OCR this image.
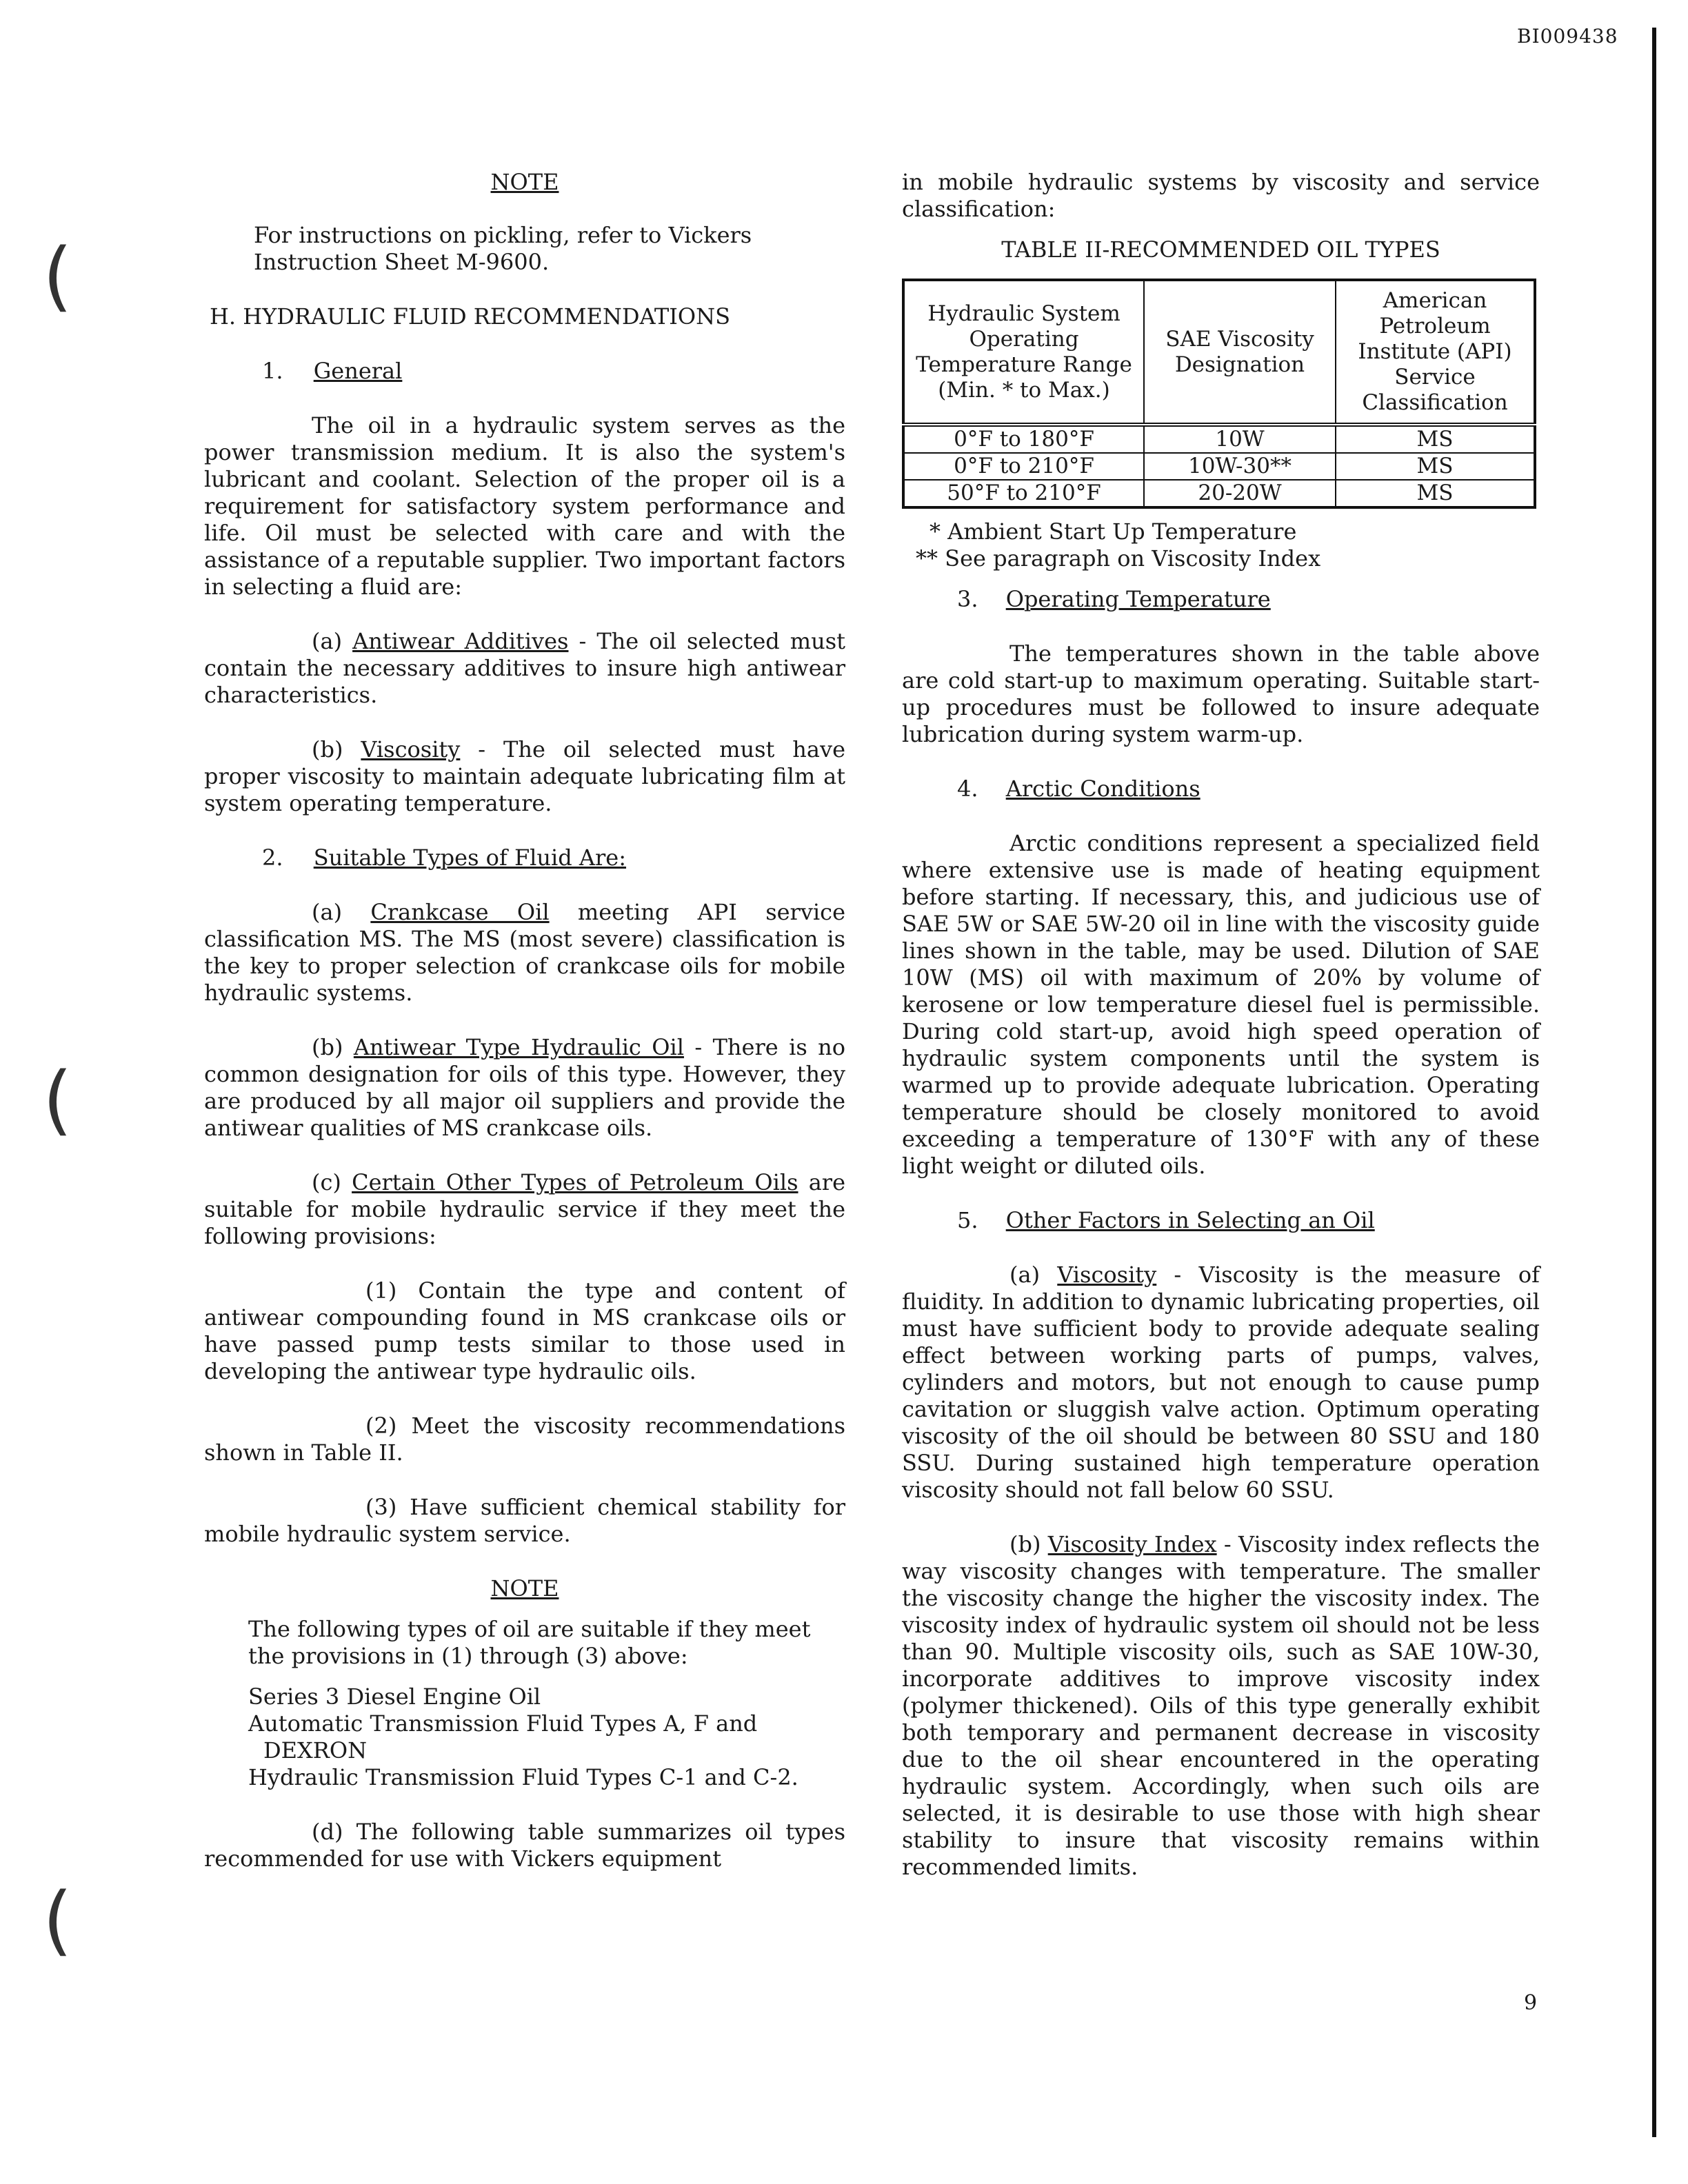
BI009438
(
(
(

NOTE

For instructions on pickling, refer to Vickers Instruction Sheet M-9600.

H. HYDRAULIC FLUID RECOMMENDATIONS

1. General

The oil in a hydraulic system serves as the power transmission medium. It is also the system's lubricant and coolant. Selection of the proper oil is a requirement for satisfactory system performance and life. Oil must be selected with care and with the assistance of a reputable supplier. Two important factors in selecting a fluid are:

(a) Antiwear Additives - The oil selected must contain the necessary additives to insure high antiwear characteristics.

(b) Viscosity - The oil selected must have proper viscosity to maintain adequate lubricating film at system operating temperature.

2. Suitable Types of Fluid Are:

(a) Crankcase Oil meeting API service classification MS. The MS (most severe) classification is the key to proper selection of crankcase oils for mobile hydraulic systems.

(b) Antiwear Type Hydraulic Oil - There is no common designation for oils of this type. However, they are produced by all major oil suppliers and provide the antiwear qualities of MS crankcase oils.

(c) Certain Other Types of Petroleum Oils are suitable for mobile hydraulic service if they meet the following provisions:

(1) Contain the type and content of antiwear compounding found in MS crankcase oils or have passed pump tests similar to those used in developing the antiwear type hydraulic oils.

(2) Meet the viscosity recommendations shown in Table II.

(3) Have sufficient chemical stability for mobile hydraulic system service.

NOTE

The following types of oil are suitable if they meet the provisions in (1) through (3) above:

Series 3 Diesel Engine Oil

Automatic Transmission Fluid Types A, F and DEXRON

Hydraulic Transmission Fluid Types C-1 and C-2.

(d) The following table summarizes oil types recommended for use with Vickers equipment

in mobile hydraulic systems by viscosity and service classification:

TABLE II-RECOMMENDED OIL TYPES

Hydraulic System Operating Temperature Range (Min. * to Max.)	SAE Viscosity Designation	American Petroleum Institute (API) Service Classification
0°F to 180°F	10W	MS
0°F to 210°F	10W-30**	MS
50°F to 210°F	20-20W	MS

* Ambient Start Up Temperature

** See paragraph on Viscosity Index

3. Operating Temperature

The temperatures shown in the table above are cold start-up to maximum operating. Suitable start-up procedures must be followed to insure adequate lubrication during system warm-up.

4. Arctic Conditions

Arctic conditions represent a specialized field where extensive use is made of heating equipment before starting. If necessary, this, and judicious use of SAE 5W or SAE 5W-20 oil in line with the viscosity guide lines shown in the table, may be used. Dilution of SAE 10W (MS) oil with maximum of 20% by volume of kerosene or low temperature diesel fuel is permissible. During cold start-up, avoid high speed operation of hydraulic system components until the system is warmed up to provide adequate lubrication. Operating temperature should be closely monitored to avoid exceeding a temperature of 130°F with any of these light weight or diluted oils.

5. Other Factors in Selecting an Oil

(a) Viscosity - Viscosity is the measure of fluidity. In addition to dynamic lubricating properties, oil must have sufficient body to provide adequate sealing effect between working parts of pumps, valves, cylinders and motors, but not enough to cause pump cavitation or sluggish valve action. Optimum operating viscosity of the oil should be between 80 SSU and 180 SSU. During sustained high temperature operation viscosity should not fall below 60 SSU.

(b) Viscosity Index - Viscosity index reflects the way viscosity changes with temperature. The smaller the viscosity change the higher the viscosity index. The viscosity index of hydraulic system oil should not be less than 90. Multiple viscosity oils, such as SAE 10W-30, incorporate additives to improve viscosity index (polymer thickened). Oils of this type generally exhibit both temporary and permanent decrease in viscosity due to the oil shear encountered in the operating hydraulic system. Accordingly, when such oils are selected, it is desirable to use those with high shear stability to insure that viscosity remains within recommended limits.

9
